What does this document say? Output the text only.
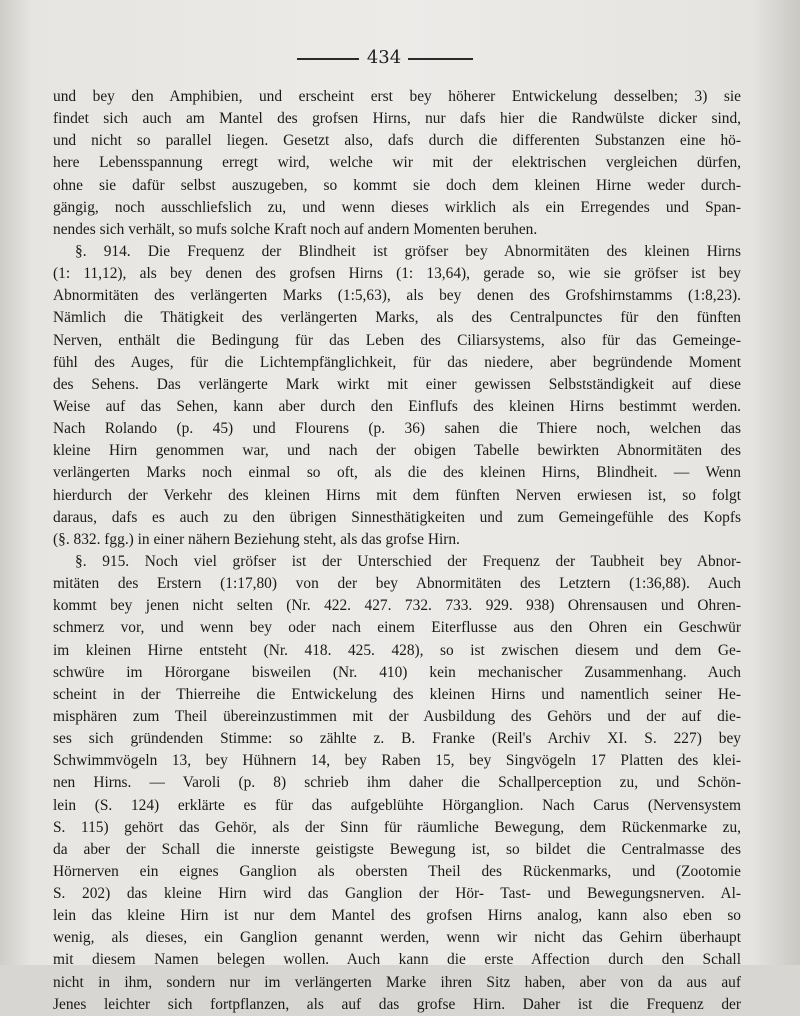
434
und bey den Amphibien, und erscheint erst bey höherer Entwickelung desselben; 3) sie
findet sich auch am Mantel des grofsen Hirns, nur dafs hier die Randwülste dicker sind,
und nicht so parallel liegen. Gesetzt also, dafs durch die differenten Substanzen eine hö-
here Lebensspannung erregt wird, welche wir mit der elektrischen vergleichen dürfen,
ohne sie dafür selbst auszugeben, so kommt sie doch dem kleinen Hirne weder durch-
gängig, noch ausschliefslich zu, und wenn dieses wirklich als ein Erregendes und Span-
nendes sich verhält, so mufs solche Kraft noch auf andern Momenten beruhen.
§. 914. Die Frequenz der Blindheit ist gröfser bey Abnormitäten des kleinen Hirns
(1: 11,12), als bey denen des grofsen Hirns (1: 13,64), gerade so, wie sie gröfser ist bey
Abnormitäten des verlängerten Marks (1:5,63), als bey denen des Grofshirnstamms (1:8,23).
Nämlich die Thätigkeit des verlängerten Marks, als des Centralpunctes für den fünften
Nerven, enthält die Bedingung für das Leben des Ciliarsystems, also für das Gemeinge-
fühl des Auges, für die Lichtempfänglichkeit, für das niedere, aber begründende Moment
des Sehens. Das verlängerte Mark wirkt mit einer gewissen Selbstständigkeit auf diese
Weise auf das Sehen, kann aber durch den Einflufs des kleinen Hirns bestimmt werden.
Nach Rolando (p. 45) und Flourens (p. 36) sahen die Thiere noch, welchen das
kleine Hirn genommen war, und nach der obigen Tabelle bewirkten Abnormitäten des
verlängerten Marks noch einmal so oft, als die des kleinen Hirns, Blindheit. — Wenn
hierdurch der Verkehr des kleinen Hirns mit dem fünften Nerven erwiesen ist, so folgt
daraus, dafs es auch zu den übrigen Sinnesthätigkeiten und zum Gemeingefühle des Kopfs
(§. 832. fgg.) in einer nähern Beziehung steht, als das grofse Hirn.
§. 915. Noch viel gröfser ist der Unterschied der Frequenz der Taubheit bey Abnor-
mitäten des Erstern (1:17,80) von der bey Abnormitäten des Letztern (1:36,88). Auch
kommt bey jenen nicht selten (Nr. 422. 427. 732. 733. 929. 938) Ohrensausen und Ohren-
schmerz vor, und wenn bey oder nach einem Eiterflusse aus den Ohren ein Geschwür
im kleinen Hirne entsteht (Nr. 418. 425. 428), so ist zwischen diesem und dem Ge-
schwüre im Hörorgane bisweilen (Nr. 410) kein mechanischer Zusammenhang. Auch
scheint in der Thierreihe die Entwickelung des kleinen Hirns und namentlich seiner He-
misphären zum Theil übereinzustimmen mit der Ausbildung des Gehörs und der auf die-
ses sich gründenden Stimme: so zählte z. B. Franke (Reil's Archiv XI. S. 227) bey
Schwimmvögeln 13, bey Hühnern 14, bey Raben 15, bey Singvögeln 17 Platten des klei-
nen Hirns. — Varoli (p. 8) schrieb ihm daher die Schallperception zu, und Schön-
lein (S. 124) erklärte es für das aufgeblühte Hörganglion. Nach Carus (Nervensystem
S. 115) gehört das Gehör, als der Sinn für räumliche Bewegung, dem Rückenmarke zu,
da aber der Schall die innerste geistigste Bewegung ist, so bildet die Centralmasse des
Hörnerven ein eignes Ganglion als obersten Theil des Rückenmarks, und (Zootomie
S. 202) das kleine Hirn wird das Ganglion der Hör- Tast- und Bewegungsnerven. Al-
lein das kleine Hirn ist nur dem Mantel des grofsen Hirns analog, kann also eben so
wenig, als dieses, ein Ganglion genannt werden, wenn wir nicht das Gehirn überhaupt
mit diesem Namen belegen wollen. Auch kann die erste Affection durch den Schall
nicht in ihm, sondern nur im verlängerten Marke ihren Sitz haben, aber von da aus auf
Jenes leichter sich fortpflanzen, als auf das grofse Hirn. Daher ist die Frequenz der
